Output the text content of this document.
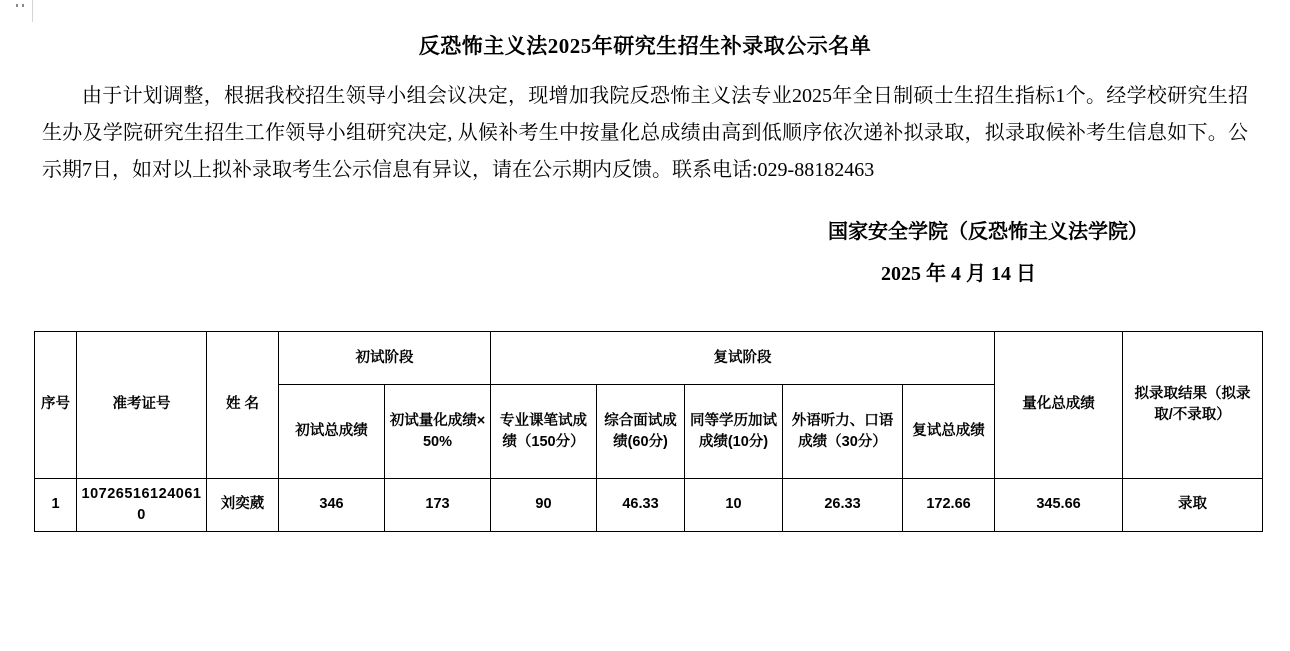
反恐怖主义法2025年研究生招生补录取公示名单
由于计划调整，根据我校招生领导小组会议决定，现增加我院反恐怖主义法专业2025年全日制硕士生招生指标1个。经学校研究生招生办及学院研究生招生工作领导小组研究决定, 从候补考生中按量化总成绩由高到低顺序依次递补拟录取，拟录取候补考生信息如下。公示期7日，如对以上拟补录取考生公示信息有异议，请在公示期内反馈。联系电话:029-88182463
国家安全学院（反恐怖主义法学院）
2025 年 4 月 14 日
序号	准考证号	姓 名	初试阶段		复试阶段					量化总成绩	拟录取结果（拟录取/不录取）
			初试总成绩	初试量化成绩×50%	专业课笔试成绩（150分）	综合面试成绩(60分)	同等学历加试成绩(10分)	外语听力、口语成绩（30分）	复试总成绩		
1	107265161240610	刘奕葳	346	173	90	46.33	10	26.33	172.66	345.66	录取
